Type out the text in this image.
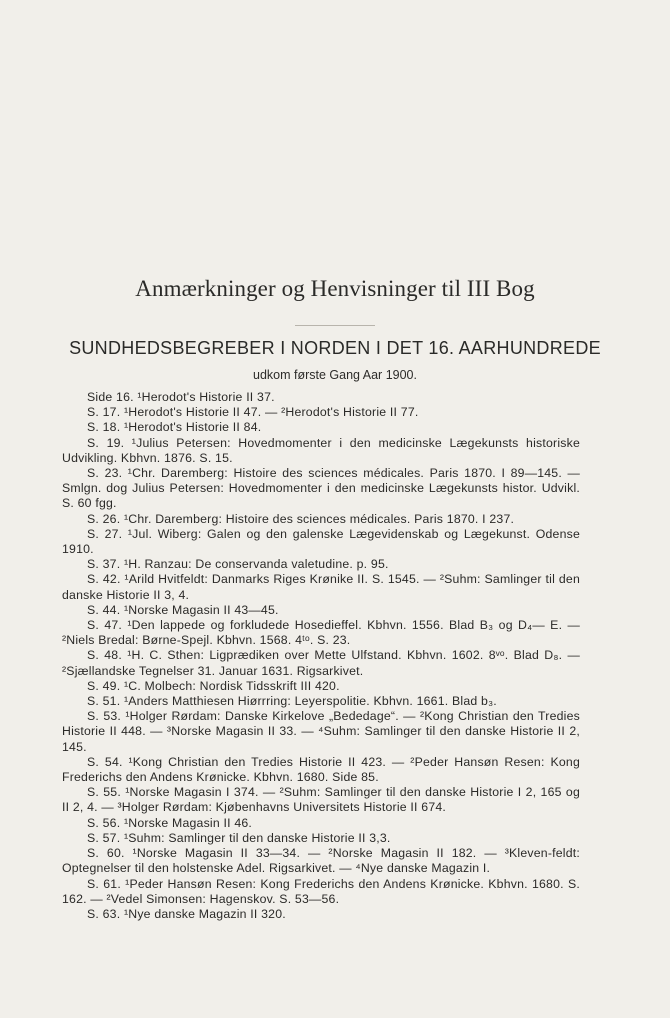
Anmærkninger og Henvisninger til III Bog
SUNDHEDSBEGREBER I NORDEN I DET 16. AARHUNDREDE
udkom første Gang Aar 1900.

Side 16. ¹Herodot's Historie II 37.

S. 17. ¹Herodot's Historie II 47. — ²Herodot's Historie II 77.

S. 18. ¹Herodot's Historie II 84.

S. 19. ¹Julius Petersen: Hovedmomenter i den medicinske Lægekunsts historiske Udvikling. Kbhvn. 1876. S. 15.

S. 23. ¹Chr. Daremberg: Histoire des sciences médicales. Paris 1870. I 89—145. — Smlgn. dog Julius Petersen: Hovedmomenter i den medicinske Lægekunsts histor. Udvikl. S. 60 fgg.

S. 26. ¹Chr. Daremberg: Histoire des sciences médicales. Paris 1870. I 237.

S. 27. ¹Jul. Wiberg: Galen og den galenske Lægevidenskab og Lægekunst. Odense 1910.

S. 37. ¹H. Ranzau: De conservanda valetudine. p. 95.

S. 42. ¹Arild Hvitfeldt: Danmarks Riges Krønike II. S. 1545. — ²Suhm: Samlinger til den danske Historie II 3, 4.

S. 44. ¹Norske Magasin II 43—45.

S. 47. ¹Den lappede og forkludede Hosedieffel. Kbhvn. 1556. Blad B₃ og D₄— E. — ²Niels Bredal: Børne-Spejl. Kbhvn. 1568. 4ᵗᵒ. S. 23.

S. 48. ¹H. C. Sthen: Ligprædiken over Mette Ulfstand. Kbhvn. 1602. 8ᵛᵒ. Blad D₈. — ²Sjællandske Tegnelser 31. Januar 1631. Rigsarkivet.

S. 49. ¹C. Molbech: Nordisk Tidsskrift III 420.

S. 51. ¹Anders Matthiesen Hiørrring: Leyerspolitie. Kbhvn. 1661. Blad b₃.

S. 53. ¹Holger Rørdam: Danske Kirkelove „Bededage“. — ²Kong Christian den Tredies Historie II 448. — ³Norske Magasin II 33. — ⁴Suhm: Samlinger til den danske Historie II 2, 145.

S. 54. ¹Kong Christian den Tredies Historie II 423. — ²Peder Hansøn Resen: Kong Frederichs den Andens Krønicke. Kbhvn. 1680. Side 85.

S. 55. ¹Norske Magasin I 374. — ²Suhm: Samlinger til den danske Historie I 2, 165 og II 2, 4. — ³Holger Rørdam: Kjøbenhavns Universitets Historie II 674.

S. 56. ¹Norske Magasin II 46.

S. 57. ¹Suhm: Samlinger til den danske Historie II 3,3.

S. 60. ¹Norske Magasin II 33—34. — ²Norske Magasin II 182. — ³Kleven-feldt: Optegnelser til den holstenske Adel. Rigsarkivet. — ⁴Nye danske Magazin I.

S. 61. ¹Peder Hansøn Resen: Kong Frederichs den Andens Krønicke. Kbhvn. 1680. S. 162. — ²Vedel Simonsen: Hagenskov. S. 53—56.

S. 63. ¹Nye danske Magazin II 320.
